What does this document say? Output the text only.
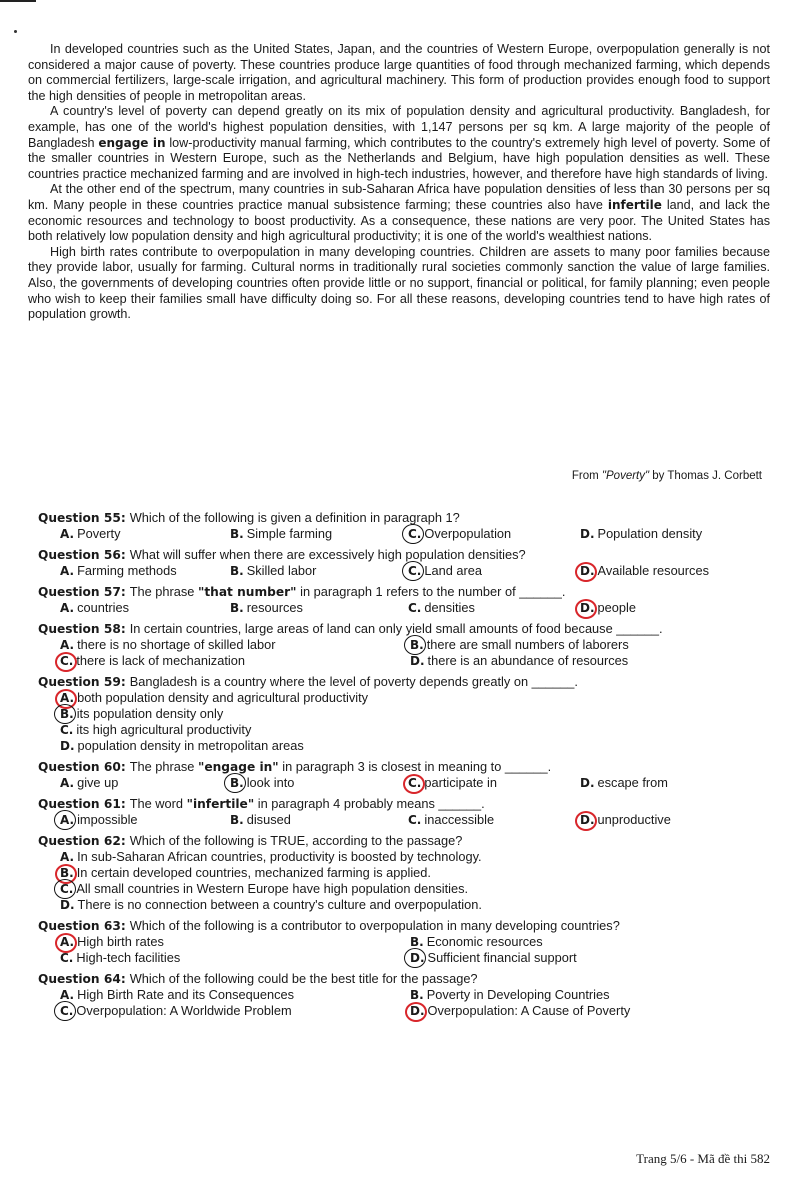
In developed countries such as the United States, Japan, and the countries of Western Europe, overpopulation generally is not considered a major cause of poverty. These countries produce large quantities of food through mechanized farming, which depends on commercial fertilizers, large-scale irrigation, and agricultural machinery. This form of production provides enough food to support the high densities of people in metropolitan areas.

A country's level of poverty can depend greatly on its mix of population density and agricultural productivity. Bangladesh, for example, has one of the world's highest population densities, with 1,147 persons per sq km. A large majority of the people of Bangladesh engage in low-productivity manual farming, which contributes to the country's extremely high level of poverty. Some of the smaller countries in Western Europe, such as the Netherlands and Belgium, have high population densities as well. These countries practice mechanized farming and are involved in high-tech industries, however, and therefore have high standards of living.

At the other end of the spectrum, many countries in sub-Saharan Africa have population densities of less than 30 persons per sq km. Many people in these countries practice manual subsistence farming; these countries also have infertile land, and lack the economic resources and technology to boost productivity. As a consequence, these nations are very poor. The United States has both relatively low population density and high agricultural productivity; it is one of the world's wealthiest nations.

High birth rates contribute to overpopulation in many developing countries. Children are assets to many poor families because they provide labor, usually for farming. Cultural norms in traditionally rural societies commonly sanction the value of large families. Also, the governments of developing countries often provide little or no support, financial or political, for family planning; even people who wish to keep their families small have difficulty doing so. For all these reasons, developing countries tend to have high rates of population growth.

From "Poverty" by Thomas J. Corbett
Question 55: Which of the following is given a definition in paragraph 1?
A. Poverty	B. Simple farming	C. Overpopulation	D. Population density
Question 56: What will suffer when there are excessively high population densities?
A. Farming methods	B. Skilled labor	C. Land area	D. Available resources
Question 57: The phrase "that number" in paragraph 1 refers to the number of ______.
A. countries	B. resources	C. densities	D. people
Question 58: In certain countries, large areas of land can only yield small amounts of food because ______.
A. there is no shortage of skilled labor	B. there are small numbers of laborers
C. there is lack of mechanization	D. there is an abundance of resources
Question 59: Bangladesh is a country where the level of poverty depends greatly on ______.
A. both population density and agricultural productivity
B. its population density only
C. its high agricultural productivity
D. population density in metropolitan areas
Question 60: The phrase "engage in" in paragraph 3 is closest in meaning to ______.
A. give up	B. look into	C. participate in	D. escape from
Question 61: The word "infertile" in paragraph 4 probably means ______.
A. impossible	B. disused	C. inaccessible	D. unproductive
Question 62: Which of the following is TRUE, according to the passage?
A. In sub-Saharan African countries, productivity is boosted by technology.
B. In certain developed countries, mechanized farming is applied.
C. All small countries in Western Europe have high population densities.
D. There is no connection between a country's culture and overpopulation.
Question 63: Which of the following is a contributor to overpopulation in many developing countries?
A. High birth rates	B. Economic resources
C. High-tech facilities	D. Sufficient financial support
Question 64: Which of the following could be the best title for the passage?
A. High Birth Rate and its Consequences	B. Poverty in Developing Countries
C. Overpopulation: A Worldwide Problem	D. Overpopulation: A Cause of Poverty
Trang 5/6 - Mã đề thi 582
